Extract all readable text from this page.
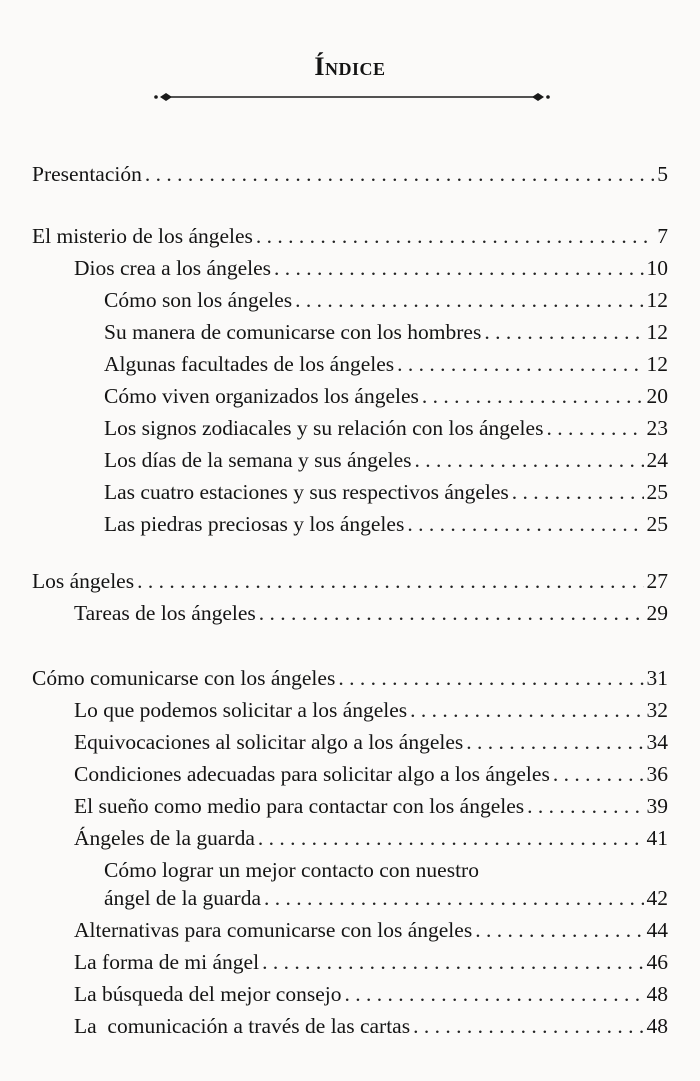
Índice
Presentación . . .	5
El misterio de los ángeles . . .	7
Dios crea a los ángeles . . .	10
Cómo son los ángeles . . .	12
Su manera de comunicarse con los hombres . . .	12
Algunas facultades de los ángeles . . .	12
Cómo viven organizados los ángeles . . .	20
Los signos zodiacales y su relación con los ángeles . . .	23
Los días de la semana y sus ángeles . . .	24
Las cuatro estaciones y sus respectivos ángeles . . .	25
Las piedras preciosas y los ángeles . . .	25
Los ángeles . . .	27
Tareas de los ángeles . . .	29
Cómo comunicarse con los ángeles . . .	31
Lo que podemos solicitar a los ángeles . . .	32
Equivocaciones al solicitar algo a los ángeles . . .	34
Condiciones adecuadas para solicitar algo a los ángeles . . .	36
El sueño como medio para contactar con los ángeles . . .	39
Ángeles de la guarda . . .	41
Cómo lograr un mejor contacto con nuestro
ángel de la guarda . . .	42
Alternativas para comunicarse con los ángeles . . .	44
La forma de mi ángel . . .	46
La búsqueda del mejor consejo . . .	48
La  comunicación a través de las cartas . . .	48
